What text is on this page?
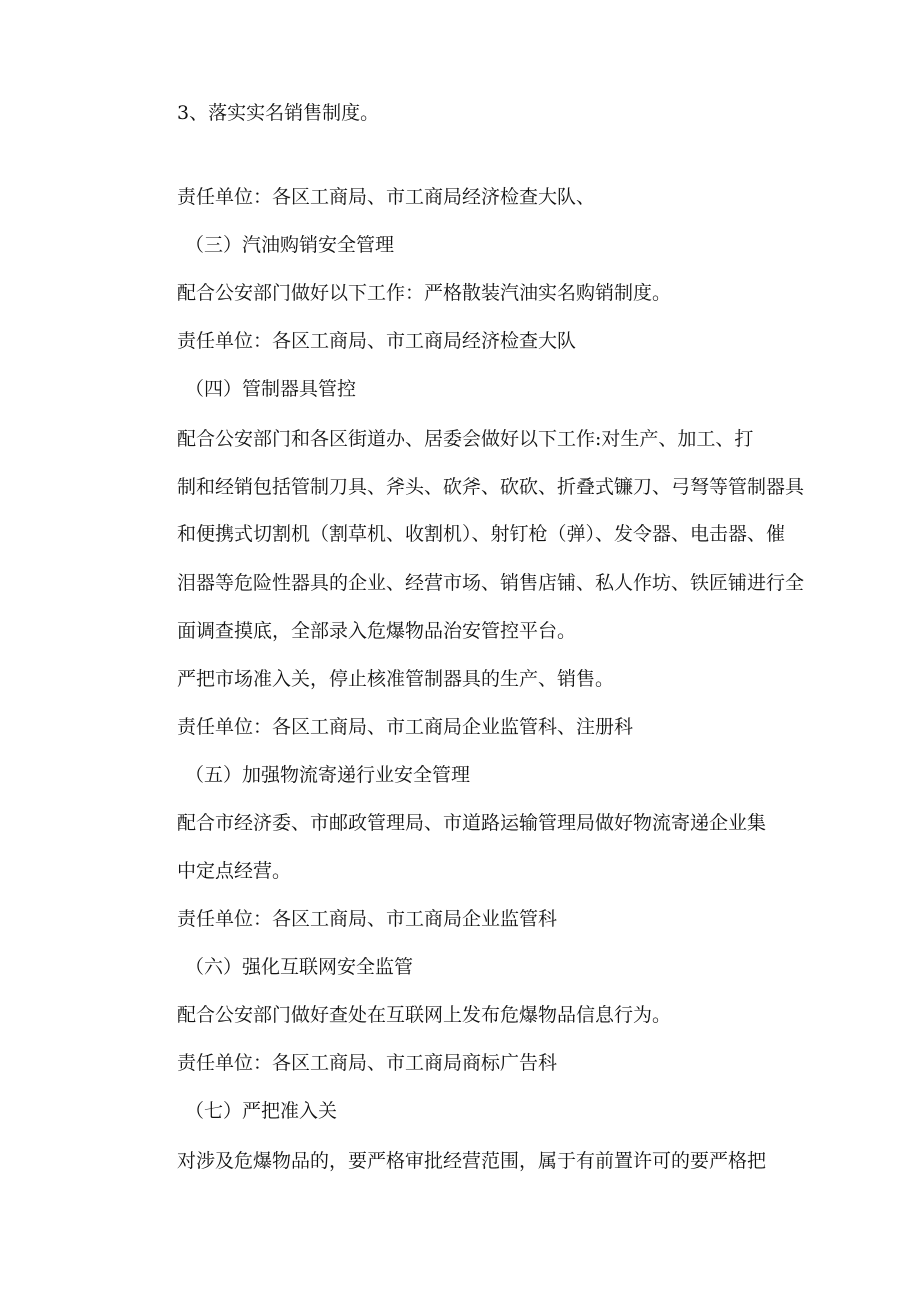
3、落实实名销售制度。
责任单位：各区工商局、市工商局经济检查大队、
（三）汽油购销安全管理
配合公安部门做好以下工作：严格散装汽油实名购销制度。
责任单位：各区工商局、市工商局经济检查大队
（四）管制器具管控
配合公安部门和各区街道办、居委会做好以下工作:对生产、加工、打
制和经销包括管制刀具、斧头、砍斧、砍砍、折叠式镰刀、弓弩等管制器具
和便携式切割机（割草机、收割机）、射钉枪（弹）、发令器、电击器、催
泪器等危险性器具的企业、经营市场、销售店铺、私人作坊、铁匠铺进行全
面调查摸底，全部录入危爆物品治安管控平台。
严把市场准入关，停止核准管制器具的生产、销售。
责任单位：各区工商局、市工商局企业监管科、注册科
（五）加强物流寄递行业安全管理
配合市经济委、市邮政管理局、市道路运输管理局做好物流寄递企业集
中定点经营。
责任单位：各区工商局、市工商局企业监管科
（六）强化互联网安全监管
配合公安部门做好查处在互联网上发布危爆物品信息行为。
责任单位：各区工商局、市工商局商标广告科
（七）严把准入关
对涉及危爆物品的，要严格审批经营范围，属于有前置许可的要严格把
